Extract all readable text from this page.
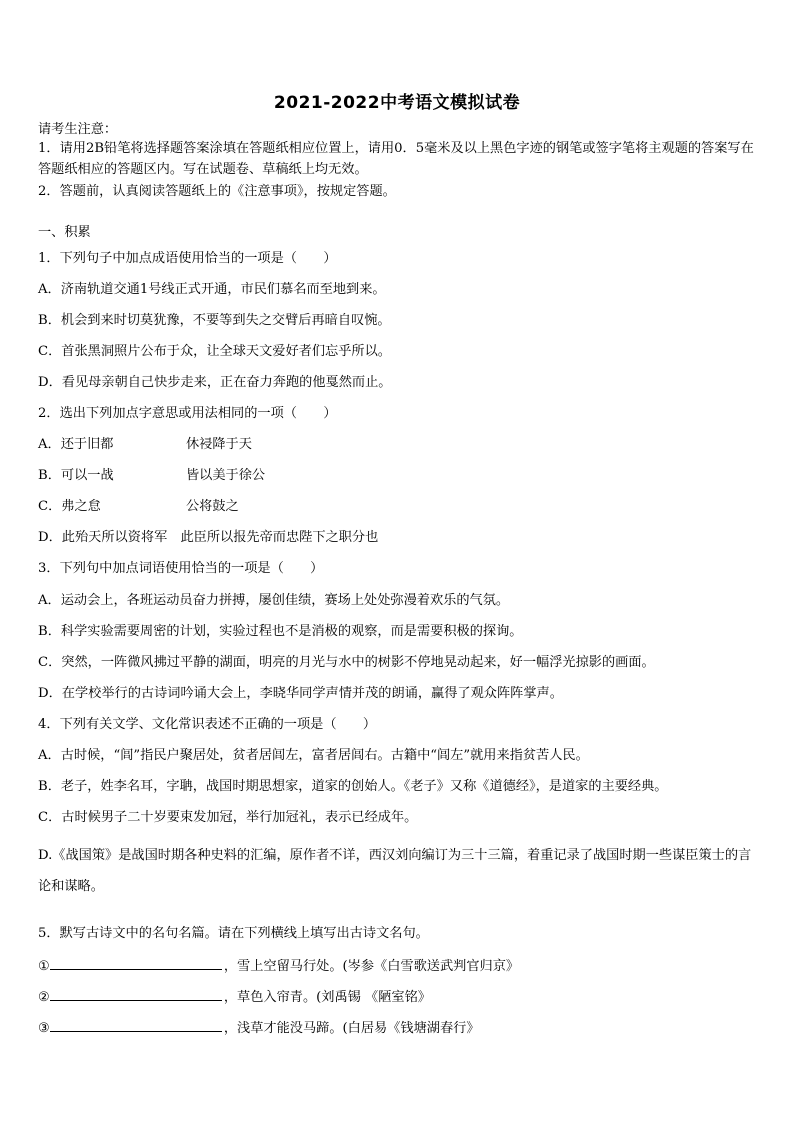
2021-2022中考语文模拟试卷
请考生注意：
1．请用2B铅笔将选择题答案涂填在答题纸相应位置上，请用0．5毫米及以上黑色字迹的钢笔或签字笔将主观题的答案写在答题纸相应的答题区内。写在试题卷、草稿纸上均无效。
2．答题前，认真阅读答题纸上的《注意事项》，按规定答题。
一、积累
1．下列句子中加点成语使用恰当的一项是（　　）
A．济南轨道交通1号线正式开通，市民们慕名而至地到来。
B．机会到来时切莫犹豫，不要等到失之交臂后再暗自叹惋。
C．首张黑洞照片公布于众，让全球天文爱好者们忘乎所以。
D．看见母亲朝自己快步走来，正在奋力奔跑的他戛然而止。
2．选出下列加点字意思或用法相同的一项（　　）
A．还于旧都	休祲降于天
B．可以一战	皆以美于徐公
C．弗之怠	公将鼓之
D．此殆天所以资将军　此臣所以报先帝而忠陛下之职分也
3．下列句中加点词语使用恰当的一项是（　　）
A．运动会上，各班运动员奋力拼搏，屡创佳绩，赛场上处处弥漫着欢乐的气氛。
B．科学实验需要周密的计划，实验过程也不是消极的观察，而是需要积极的探询。
C．突然，一阵微风拂过平静的湖面，明亮的月光与水中的树影不停地晃动起来，好一幅浮光掠影的画面。
D．在学校举行的古诗词吟诵大会上，李晓华同学声情并茂的朗诵，赢得了观众阵阵掌声。
4．下列有关文学、文化常识表述不正确的一项是（　　）
A．古时候，“闾”指民户聚居处，贫者居闾左，富者居闾右。古籍中“闾左”就用来指贫苦人民。
B．老子，姓李名耳，字聃，战国时期思想家，道家的创始人。《老子》又称《道德经》，是道家的主要经典。
C．古时候男子二十岁要束发加冠，举行加冠礼，表示已经成年。
D.《战国策》是战国时期各种史料的汇编，原作者不详，西汉刘向编订为三十三篇，着重记录了战国时期一些谋臣策士的言论和谋略。
5．默写古诗文中的名句名篇。请在下列横线上填写出古诗文名句。
①	，雪上空留马行处。(岑参《白雪歌送武判官归京》
②	，草色入帘青。(刘禹锡 《陋室铭》
③	，浅草才能没马蹄。(白居易《钱塘湖春行》
